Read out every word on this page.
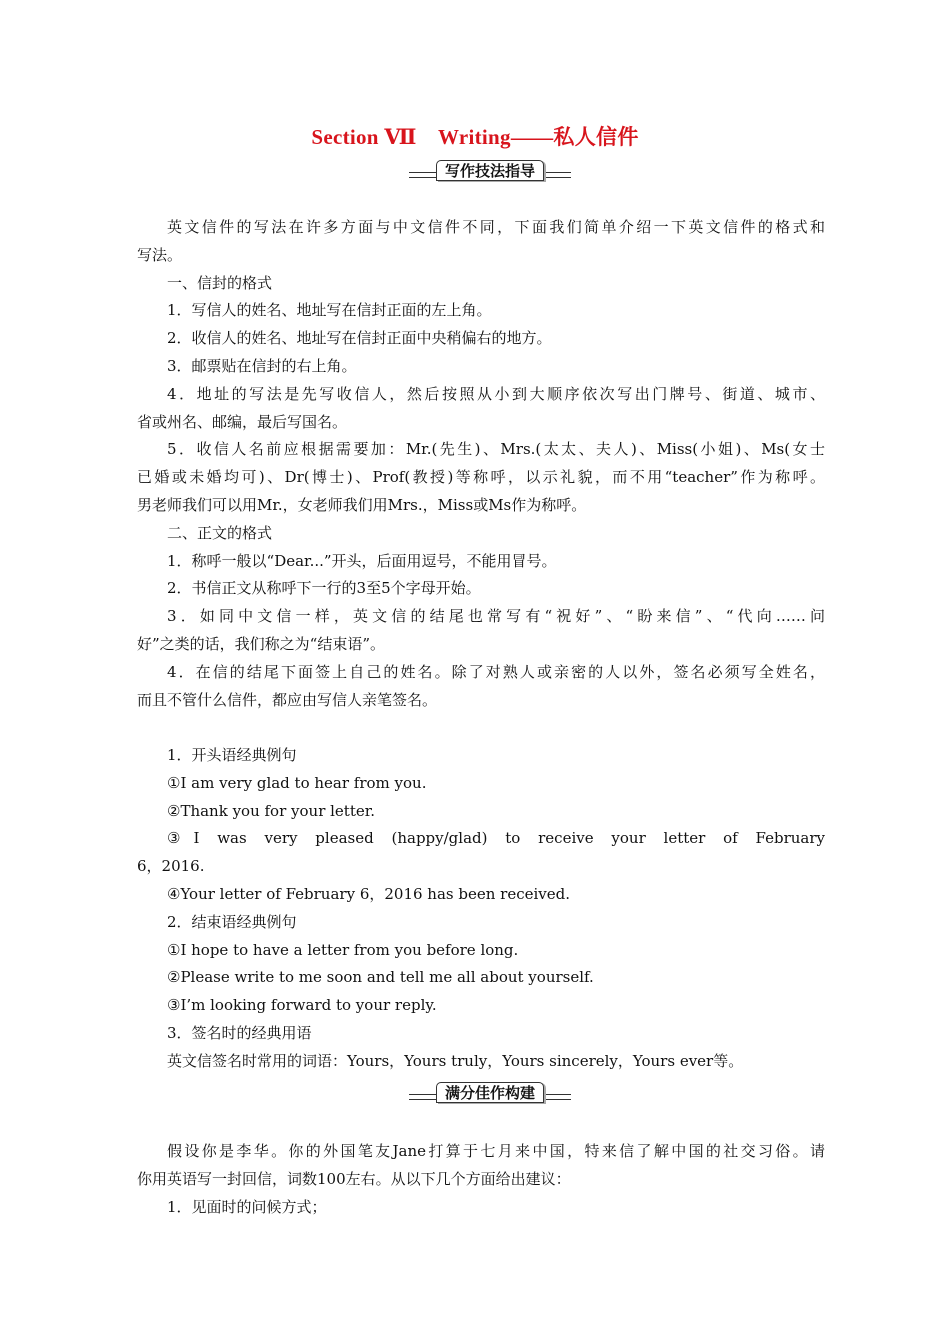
Section Ⅶ　Writing——私人信件
写作技法指导

英文信件的写法在许多方面与中文信件不同，下面我们简单介绍一下英文信件的格式和

写法。

一、信封的格式

1．写信人的姓名、地址写在信封正面的左上角。

2．收信人的姓名、地址写在信封正面中央稍偏右的地方。

3．邮票贴在信封的右上角。

4．地址的写法是先写收信人，然后按照从小到大顺序依次写出门牌号、街道、城市、

省或州名、邮编，最后写国名。

5．收信人名前应根据需要加：Mr.(先生)、Mrs.(太太、夫人)、Miss(小姐)、Ms(女士

已婚或未婚均可)、Dr(博士)、Prof(教授)等称呼，以示礼貌，而不用“teacher”作为称呼。

男老师我们可以用Mr.，女老师我们用Mrs.，Miss或Ms作为称呼。

二、正文的格式

1．称呼一般以“Dear...”开头，后面用逗号，不能用冒号。

2．书信正文从称呼下一行的3至5个字母开始。

3．如同中文信一样，英文信的结尾也常写有“祝好”、“盼来信”、“代向……问

好”之类的话，我们称之为“结束语”。

4．在信的结尾下面签上自己的姓名。除了对熟人或亲密的人以外，签名必须写全姓名，

而且不管什么信件，都应由写信人亲笔签名。

1．开头语经典例句

①I am very glad to hear from you.

②Thank you for your letter.

③I was very pleased (happy/glad) to receive your letter of February

6，2016.

④Your letter of February 6，2016 has been received.

2．结束语经典例句

①I hope to have a letter from you before long.

②Please write to me soon and tell me all about yourself.

③I’m looking forward to your reply.

3．签名时的经典用语

英文信签名时常用的词语：Yours，Yours truly，Yours sincerely，Yours ever等。

满分佳作构建

假设你是李华。你的外国笔友Jane打算于七月来中国，特来信了解中国的社交习俗。请

你用英语写一封回信，词数100左右。从以下几个方面给出建议：

1．见面时的问候方式；
